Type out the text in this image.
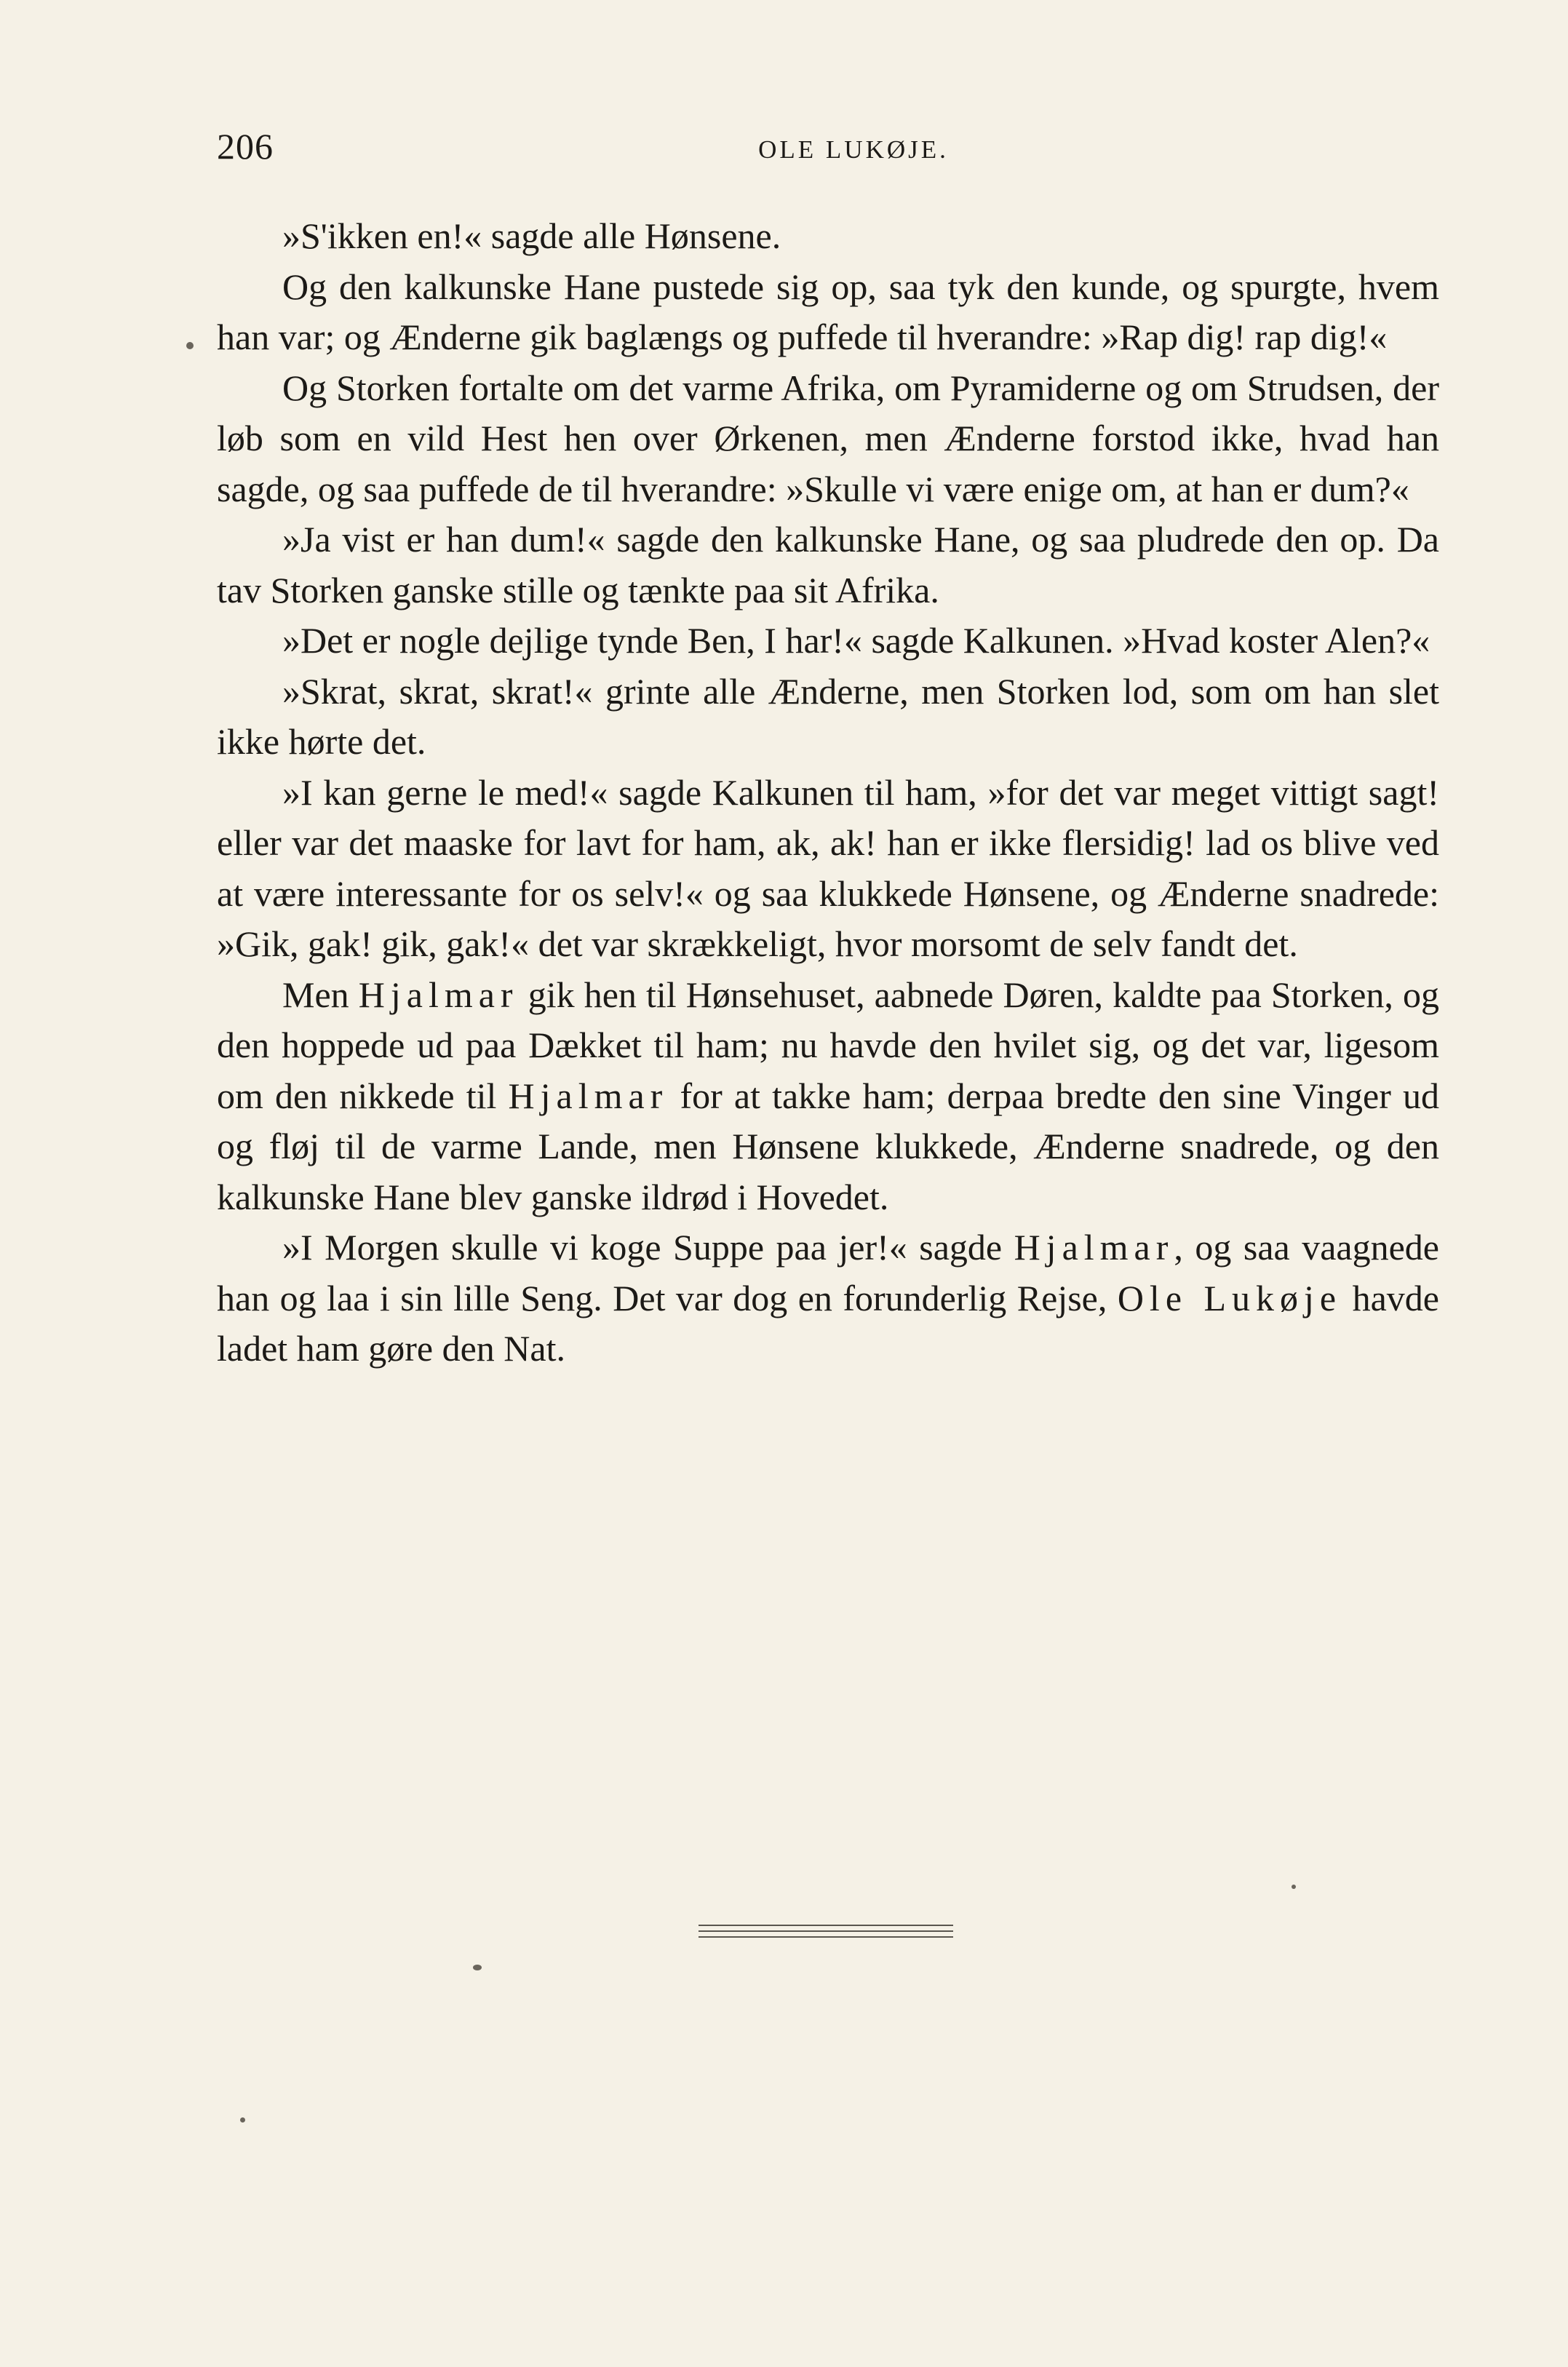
206	OLE LUKØJE.

»S'ikken en!« sagde alle Hønsene.

Og den kalkunske Hane pustede sig op, saa tyk den kunde, og spurgte, hvem han var; og Ænderne gik baglængs og puffede til hverandre: »Rap dig! rap dig!«

Og Storken fortalte om det varme Afrika, om Pyramiderne og om Strudsen, der løb som en vild Hest hen over Ørkenen, men Ænderne forstod ikke, hvad han sagde, og saa puffede de til hverandre: »Skulle vi være enige om, at han er dum?«

»Ja vist er han dum!« sagde den kalkunske Hane, og saa pludrede den op. Da tav Storken ganske stille og tænkte paa sit Afrika.

»Det er nogle dejlige tynde Ben, I har!« sagde Kalkunen. »Hvad koster Alen?«

»Skrat, skrat, skrat!« grinte alle Ænderne, men Storken lod, som om han slet ikke hørte det.

»I kan gerne le med!« sagde Kalkunen til ham, »for det var meget vittigt sagt! eller var det maaske for lavt for ham, ak, ak! han er ikke flersidig! lad os blive ved at være interessante for os selv!« og saa klukkede Hønsene, og Ænderne snadrede: »Gik, gak! gik, gak!« det var skrækkeligt, hvor morsomt de selv fandt det.

Men Hjalmar gik hen til Hønsehuset, aabnede Døren, kaldte paa Storken, og den hoppede ud paa Dækket til ham; nu havde den hvilet sig, og det var, ligesom om den nikkede til Hjalmar for at takke ham; derpaa bredte den sine Vinger ud og fløj til de varme Lande, men Hønsene klukkede, Ænderne snadrede, og den kalkunske Hane blev ganske ildrød i Hovedet.

»I Morgen skulle vi koge Suppe paa jer!« sagde Hjalmar, og saa vaagnede han og laa i sin lille Seng. Det var dog en forunderlig Rejse, Ole Lukøje havde ladet ham gøre den Nat.
